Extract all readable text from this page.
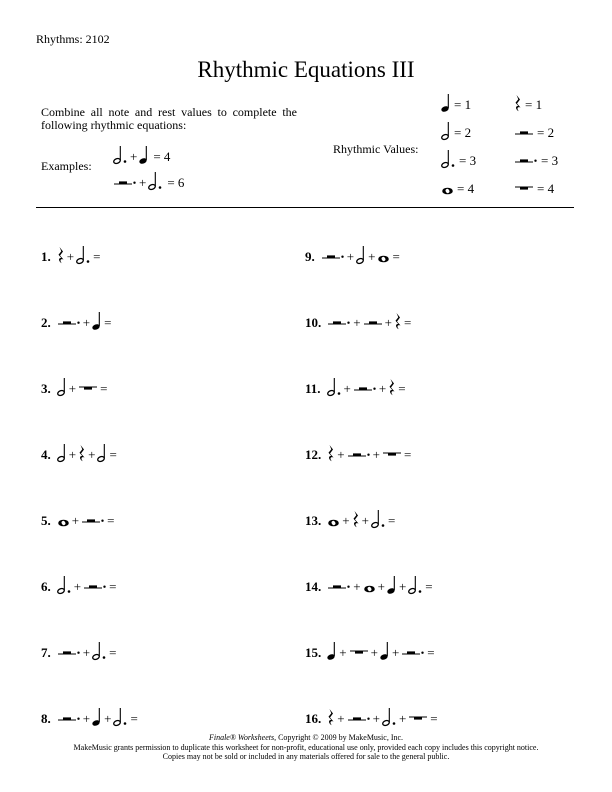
Rhythms: 2102
Rhythmic Equations III
Combine all note and rest values to complete the following rhythmic equations:
Examples:
+ = 4
+ = 6
Rhythmic Values:
= 1
= 2
= 3
= 4
= 1
= 2
= 3
= 4
1. + =
2. + =
3. + =
4. + + =
5. + =
6. + =
7. + =
8. + + =
9. + + =
10. + + =
11. + + =
12. + + =
13. + + =
14. + + + =
15. + + + =
16. + + + =
Finale® Worksheets, Copyright © 2009 by MakeMusic, Inc.
MakeMusic grants permission to duplicate this worksheet for non-profit, educational use only, provided each copy includes this copyright notice.
Copies may not be sold or included in any materials offered for sale to the general public.
